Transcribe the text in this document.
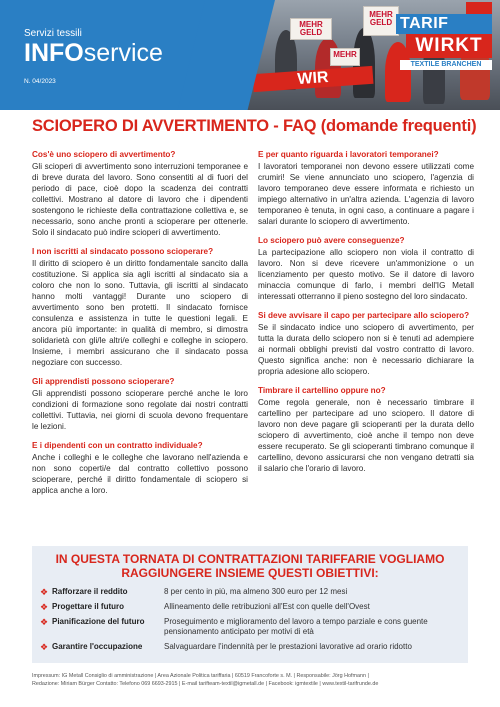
MEHR GELD
MEHR GELD
MEHR
WIR
Servizi tessili
INFOservice
N. 04/2023
TARIF
WIRKT
TEXTILE BRANCHEN
SCIOPERO DI AVVERTIMENTO - FAQ (domande frequenti)
Cos'è uno sciopero di avvertimento?
Gli scioperi di avvertimento sono interruzioni temporanee e di breve durata del lavoro. Sono consentiti al di fuori del periodo di pace, cioè dopo la scadenza dei contratti collettivi. Mostrano al datore di lavoro che i dipendenti sostengono le richieste della contrattazione collettiva e, se necessario, sono anche pronti a scioperare per ottenerle. Solo il sindacato può indire scioperi di avvertimento.
I non iscritti al sindacato possono scioperare?
Il diritto di sciopero è un diritto fondamentale sancito dalla costituzione. Si applica sia agli iscritti al sindacato sia a coloro che non lo sono. Tuttavia, gli iscritti al sindacato hanno molti vantaggi! Durante uno sciopero di avvertimento sono ben protetti. Il sindacato fornisce consulenza e assistenza in tutte le questioni legali. E ancora più importante: in qualità di membro, si dimostra solidarietà con gli/le altri/e colleghi e colleghe in sciopero. Insieme, i membri assicurano che il sindacato possa negoziare con successo.
Gli apprendisti possono scioperare?
Gli apprendisti possono scioperare perché anche le loro condizioni di formazione sono regolate dai nostri contratti collettivi. Tuttavia, nei giorni di scuola devono frequentare le lezioni.
E i dipendenti con un contratto individuale?
Anche i colleghi e le colleghe che lavorano nell'azienda e non sono coperti/e dal contratto collettivo possono scioperare, perché il diritto fondamentale di sciopero si applica anche a loro.
E per quanto riguarda i lavoratori temporanei?
I lavoratori temporanei non devono essere utilizzati come crumiri! Se viene annunciato uno sciopero, l'agenzia di lavoro temporaneo deve essere informata e richiesto un impiego alternativo in un'altra azienda. L'agenzia di lavoro temporaneo è tenuta, in ogni caso, a continuare a pagare i salari durante lo sciopero di avvertimento.
Lo sciopero può avere conseguenze?
La partecipazione allo sciopero non viola il contratto di lavoro. Non si deve ricevere un'ammonizione o un licenziamento per questo motivo. Se il datore di lavoro minaccia comunque di farlo, i membri dell'IG Metall interessati otterranno il pieno sostegno del loro sindacato.
Si deve avvisare il capo per partecipare allo sciopero?
Se il sindacato indice uno sciopero di avvertimento, per tutta la durata dello sciopero non si è tenuti ad adempiere ai normali obblighi previsti dal vostro contratto di lavoro. Questo significa anche: non è necessario dichiarare la propria adesione allo sciopero.
Timbrare il cartellino oppure no?
Come regola generale, non è necessario timbrare il cartellino per partecipare ad uno sciopero. Il datore di lavoro non deve pagare gli scioperanti per la durata dello sciopero di avvertimento, cioè anche il tempo non deve essere recuperato. Se gli scioperanti timbrano comunque il cartellino, devono assicurarsi che non vengano detratti sia il salario che l'orario di lavoro.
IN QUESTA TORNATA DI CONTRATTAZIONI TARIFFARIE VOGLIAMO
RAGGIUNGERE INSIEME QUESTI OBIETTIVI:
❖ Rafforzare il reddito	8 per cento in più, ma almeno 300 euro per 12 mesi
❖ Progettare il futuro	Allineamento delle retribuzioni all'Est con quelle dell'Ovest
❖ Pianificazione del futuro	Proseguimento e miglioramento del lavoro a tempo parziale e cons guente pensionamento anticipato per motivi di età
❖ Garantire l'occupazione	Salvaguardare l'indennità per le prestazioni lavorative ad orario ridotto
Impressum: IG Metall Consiglio di amministrazione | Area Azionale Politica tariffaria | 60519 Francoforte s. M. | Responsabile: Jörg Hofmann |
Redazione: Miriam Bürger Contatto: Telefono 069 6693-2915 | E-mail tarifteam-textil@igmetall.de | Facebook: igmtextile | www.textil-tarifrunde.de
